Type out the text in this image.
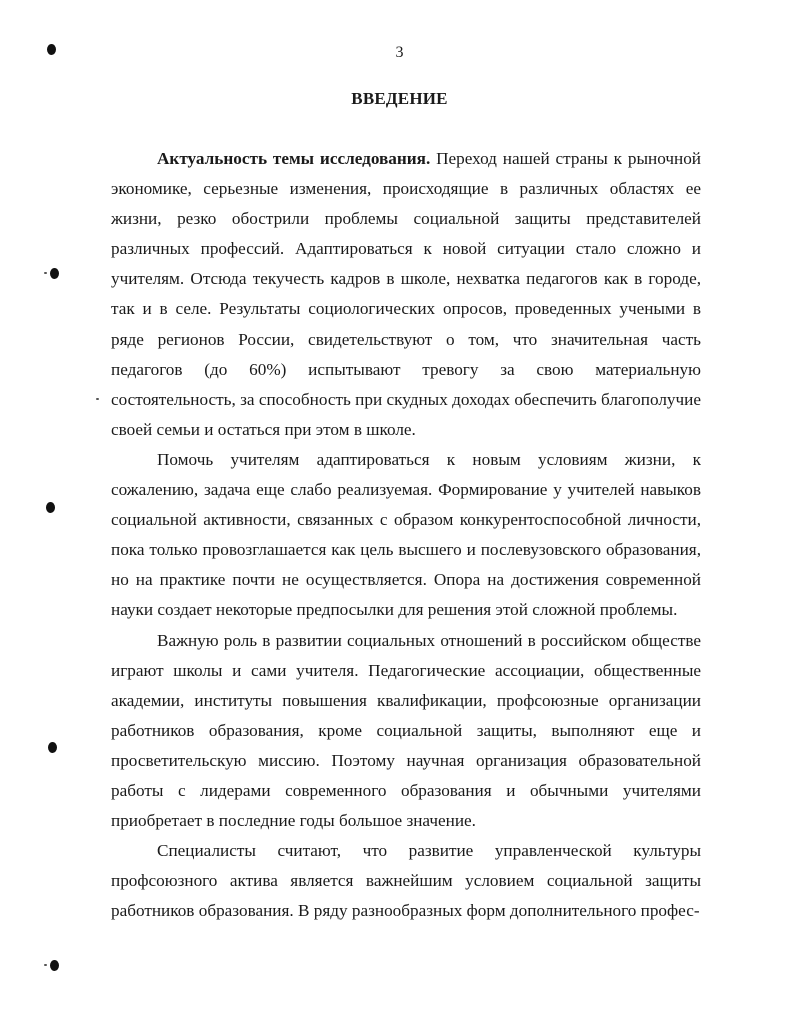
3
ВВЕДЕНИЕ

Актуальность темы исследования. Переход нашей страны к рыночной экономике, серьезные изменения, происходящие в различных областях ее жизни, резко обострили проблемы социальной защиты представителей различных профессий. Адаптироваться к новой ситуации стало сложно и учителям. Отсюда текучесть кадров в школе, нехватка педагогов как в городе, так и в селе. Результаты социологических опросов, проведенных учеными в ряде регионов России, свидетельствуют о том, что значительная часть педагогов (до 60%) испытывают тревогу за свою материальную состоятельность, за способность при скудных доходах обеспечить благополучие своей семьи и остаться при этом в школе.

Помочь учителям адаптироваться к новым условиям жизни, к сожалению, задача еще слабо реализуемая. Формирование у учителей навыков социальной активности, связанных с образом конкурентоспособной личности, пока только провозглашается как цель высшего и послевузовского образования, но на практике почти не осуществляется. Опора на достижения современной науки создает некоторые предпосылки для решения этой сложной проблемы.

Важную роль в развитии социальных отношений в российском обществе играют школы и сами учителя. Педагогические ассоциации, общественные академии, институты повышения квалификации, профсоюзные организации работников образования, кроме социальной защиты, выполняют еще и просветительскую миссию. Поэтому научная организация образовательной работы с лидерами современного образования и обычными учителями приобретает в последние годы большое значение.

Специалисты считают, что развитие управленческой культуры профсоюзного актива является важнейшим условием социальной защиты работников образования. В ряду разнообразных форм дополнительного профес-
